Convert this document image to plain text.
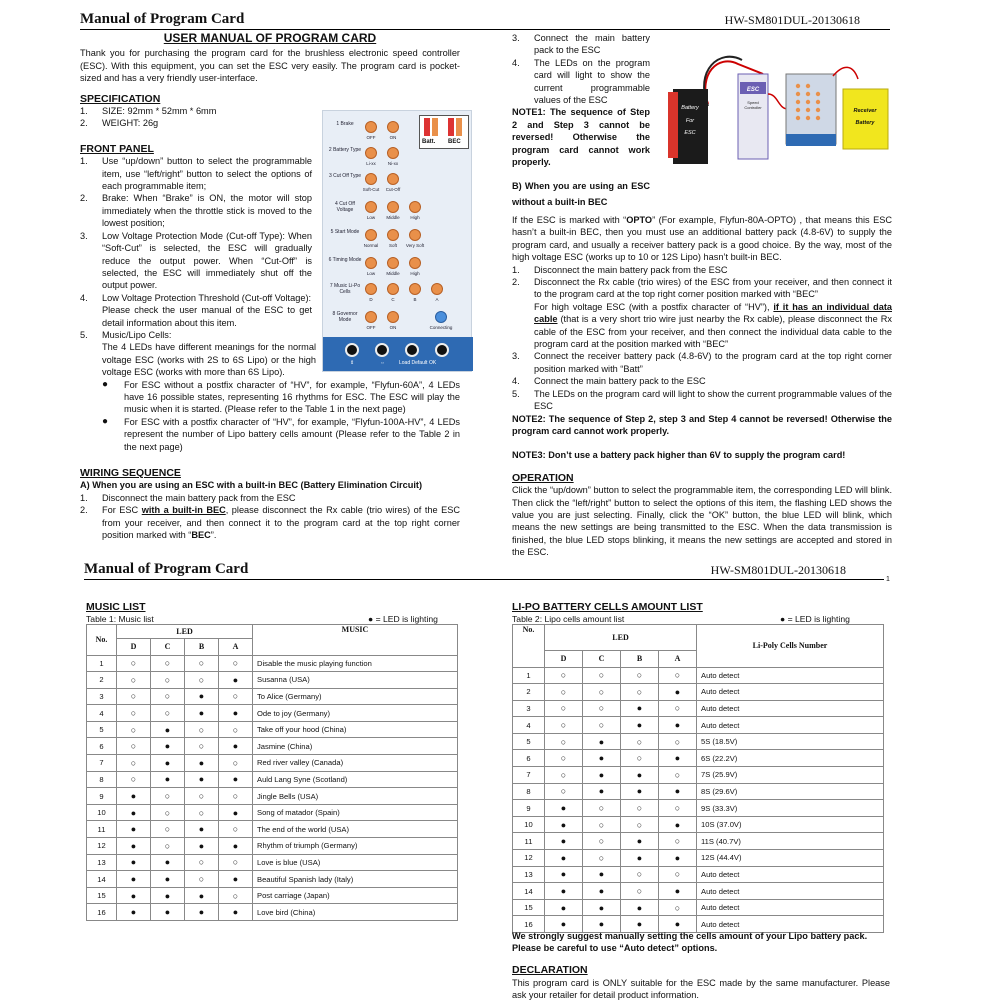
Manual of Program Card	HW-SM801DUL-20130618
USER MANUAL OF PROGRAM CARD

Thank you for purchasing the program card for the brushless electronic speed controller (ESC). With this equipment, you can set the ESC very easily. The program card is pocket-sized and has a very friendly user-interface.

SPECIFICATION
1. SIZE: 92mm * 52mm * 6mm
2. WEIGHT: 26g
FRONT PANEL
1. Use “up/down” button to select the programmable item, use “left/right” button to select the options of each programmable item;
2. Brake: When “Brake” is ON, the motor will stop immediately when the throttle stick is moved to the lowest position;
3. Low Voltage Protection Mode (Cut-off Type): When “Soft-Cut” is selected, the ESC will gradually reduce the output power. When “Cut-Off” is selected, the ESC will immediately shut off the output power.
4. Low Voltage Protection Threshold (Cut-off Voltage):
Please check the user manual of the ESC to get detail information about this item.
5. Music/Lipo Cells:
The 4 LEDs have different meanings for the normal voltage ESC (works with 2S to 6S Lipo) or the high voltage ESC (works with more than 6S Lipo).
● For ESC without a postfix character of “HV”, for example, “Flyfun-60A”, 4 LEDs have 16 possible states, representing 16 rhythms for ESC. The ESC will play the music when it is started. (Please refer to the Table 1 in the next page)
● For ESC with a postfix character of “HV”, for example, “Flyfun-100A-HV”, 4 LEDs represent the number of Lipo battery cells amount (Please refer to the Table 2 in the next page)
WIRING SEQUENCE
A) When you are using an ESC with a built-in BEC (Battery Elimination Circuit)
1. Disconnect the main battery pack from the ESC
2. For ESC with a built-in BEC, please disconnect the Rx cable (trio wires) of the ESC from your receiver, and then connect it to the program card at the top right corner position marked with “BEC”.
1 Brake
OFF	ON
2 Battery Type
Li-xx	Ni-xx
3 Cut Off Type
Soft-Cut	Cut-Off
4 Cut Off Voltage
Low	Middle	High
5 Start Mode
Normal	Soft	Very Soft
6 Timing Mode
Low	Middle	High
7 Music Li-Po Cells
D	C	B	A
8 Governor Mode
OFF	ON	Connecting
Batt. BEC
Load Default OK
⇕	⇔
3. Connect the main battery pack to the ESC
4. The LEDs on the program card will light to show the current programmable values of the ESC

NOTE1: The sequence of Step 2 and Step 3 cannot be reversed! Otherwise the program card cannot work properly.

B) When you are using an ESC without a built-in BEC

Battery
For
ESC
ESC
Speed
Controller
Receiver
Battery

If the ESC is marked with “OPTO” (For example, Flyfun-80A-OPTO) , that means this ESC hasn’t a built-in BEC, then you must use an additional battery pack (4.8-6V) to supply the program card, and usually a receiver battery pack is a good choice. By the way, most of the high voltage ESC (works up to 10 or 12S Lipo) hasn’t built-in BEC.

1. Disconnect the main battery pack from the ESC
2. Disconnect the Rx cable (trio wires) of the ESC from your receiver, and then connect it to the program card at the top right corner position marked with “BEC”
For high voltage ESC (with a postfix character of “HV”), if it has an individual data cable (that is a very short trio wire just nearby the Rx cable), please disconnect the Rx cable of the ESC from your receiver, and then connect the individual data cable to the program card at the position marked with “BEC”
3. Connect the receiver battery pack (4.8-6V) to the program card at the top right corner position marked with “Batt”
4. Connect the main battery pack to the ESC
5. The LEDs on the program card will light to show the current programmable values of the ESC

NOTE2: The sequence of Step 2, step 3 and Step 4 cannot be reversed! Otherwise the program card cannot work properly.

NOTE3: Don’t use a battery pack higher than 6V to supply the program card!

OPERATION

Click the “up/down” button to select the programmable item, the corresponding LED will blink. Then click the “left/right” button to select the options of this item, the flashing LED shows the value you are just selecting. Finally, click the “OK” button, the blue LED will blink, which means the new settings are being transmitted to the ESC. When the data transmission is finished, the blue LED stops blinking, it means the new settings are accepted and stored in the ESC.

Manual of Program Card	HW-SM801DUL-20130618
1
MUSIC LIST
Table 1: Music list	● = LED is lighting
No.	LED				MUSIC
	D	C	B	A	
1	○	○	○	○	Disable the music playing function
2	○	○	○	●	Susanna (USA)
3	○	○	●	○	To Alice (Germany)
4	○	○	●	●	Ode to joy (Germany)
5	○	●	○	○	Take off your hood (China)
6	○	●	○	●	Jasmine (China)
7	○	●	●	○	Red river valley (Canada)
8	○	●	●	●	Auld Lang Syne (Scotland)
9	●	○	○	○	Jingle Bells (USA)
10	●	○	○	●	Song of matador (Spain)
11	●	○	●	○	The end of the world (USA)
12	●	○	●	●	Rhythm of triumph (Germany)
13	●	●	○	○	Love is blue (USA)
14	●	●	○	●	Beautiful Spanish lady (Italy)
15	●	●	●	○	Post carriage (Japan)
16	●	●	●	●	Love bird (China)
LI-PO BATTERY CELLS AMOUNT LIST
Table 2: Lipo cells amount list	● = LED is lighting
No.	LED				Li-Poly Cells Number
	D	C	B	A	
1	○	○	○	○	Auto detect
2	○	○	○	●	Auto detect
3	○	○	●	○	Auto detect
4	○	○	●	●	Auto detect
5	○	●	○	○	5S (18.5V)
6	○	●	○	●	6S (22.2V)
7	○	●	●	○	7S (25.9V)
8	○	●	●	●	8S (29.6V)
9	●	○	○	○	9S (33.3V)
10	●	○	○	●	10S (37.0V)
11	●	○	●	○	11S (40.7V)
12	●	○	●	●	12S (44.4V)
13	●	●	○	○	Auto detect
14	●	●	○	●	Auto detect
15	●	●	●	○	Auto detect
16	●	●	●	●	Auto detect
We strongly suggest manually setting the cells amount of your Lipo battery pack. Please be careful to use “Auto detect” options.
DECLARATION
This program card is ONLY suitable for the ESC made by the same manufacturer. Please ask your retailer for detail product information.
